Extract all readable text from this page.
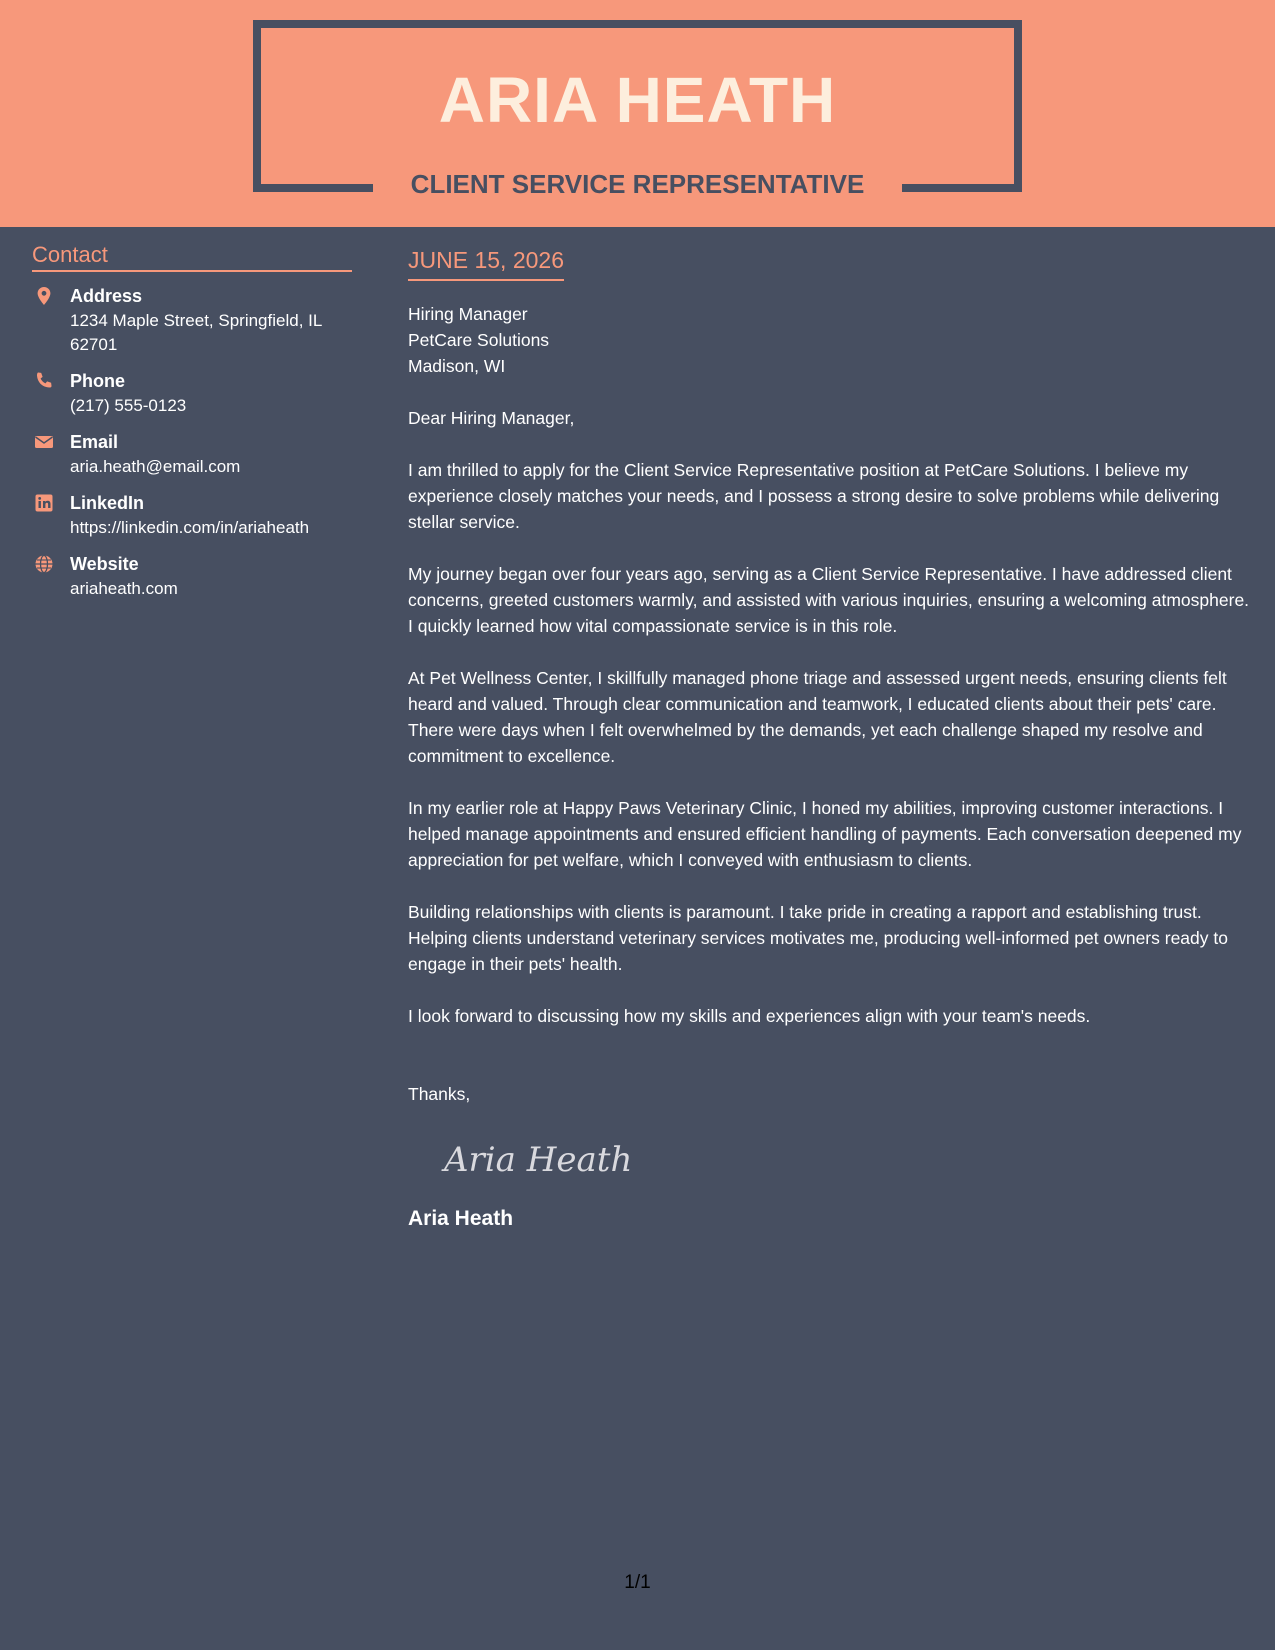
ARIA HEATH
CLIENT SERVICE REPRESENTATIVE
Contact
Address
1234 Maple Street, Springfield, IL 62701
Phone
(217) 555-0123
Email
aria.heath@email.com
LinkedIn
https://linkedin.com/in/ariaheath
Website
ariaheath.com
JUNE 15, 2026
Hiring Manager
PetCare Solutions
Madison, WI
Dear Hiring Manager,

I am thrilled to apply for the Client Service Representative position at PetCare Solutions. I believe my experience closely matches your needs, and I possess a strong desire to solve problems while delivering stellar service.

My journey began over four years ago, serving as a Client Service Representative. I have addressed client concerns, greeted customers warmly, and assisted with various inquiries, ensuring a welcoming atmosphere. I quickly learned how vital compassionate service is in this role.

At Pet Wellness Center, I skillfully managed phone triage and assessed urgent needs, ensuring clients felt heard and valued. Through clear communication and teamwork, I educated clients about their pets' care. There were days when I felt overwhelmed by the demands, yet each challenge shaped my resolve and commitment to excellence.

In my earlier role at Happy Paws Veterinary Clinic, I honed my abilities, improving customer interactions. I helped manage appointments and ensured efficient handling of payments. Each conversation deepened my appreciation for pet welfare, which I conveyed with enthusiasm to clients.

Building relationships with clients is paramount. I take pride in creating a rapport and establishing trust. Helping clients understand veterinary services motivates me, producing well-informed pet owners ready to engage in their pets' health.

I look forward to discussing how my skills and experiences align with your team's needs.

Thanks,
Aria Heath
Aria Heath
1/1
